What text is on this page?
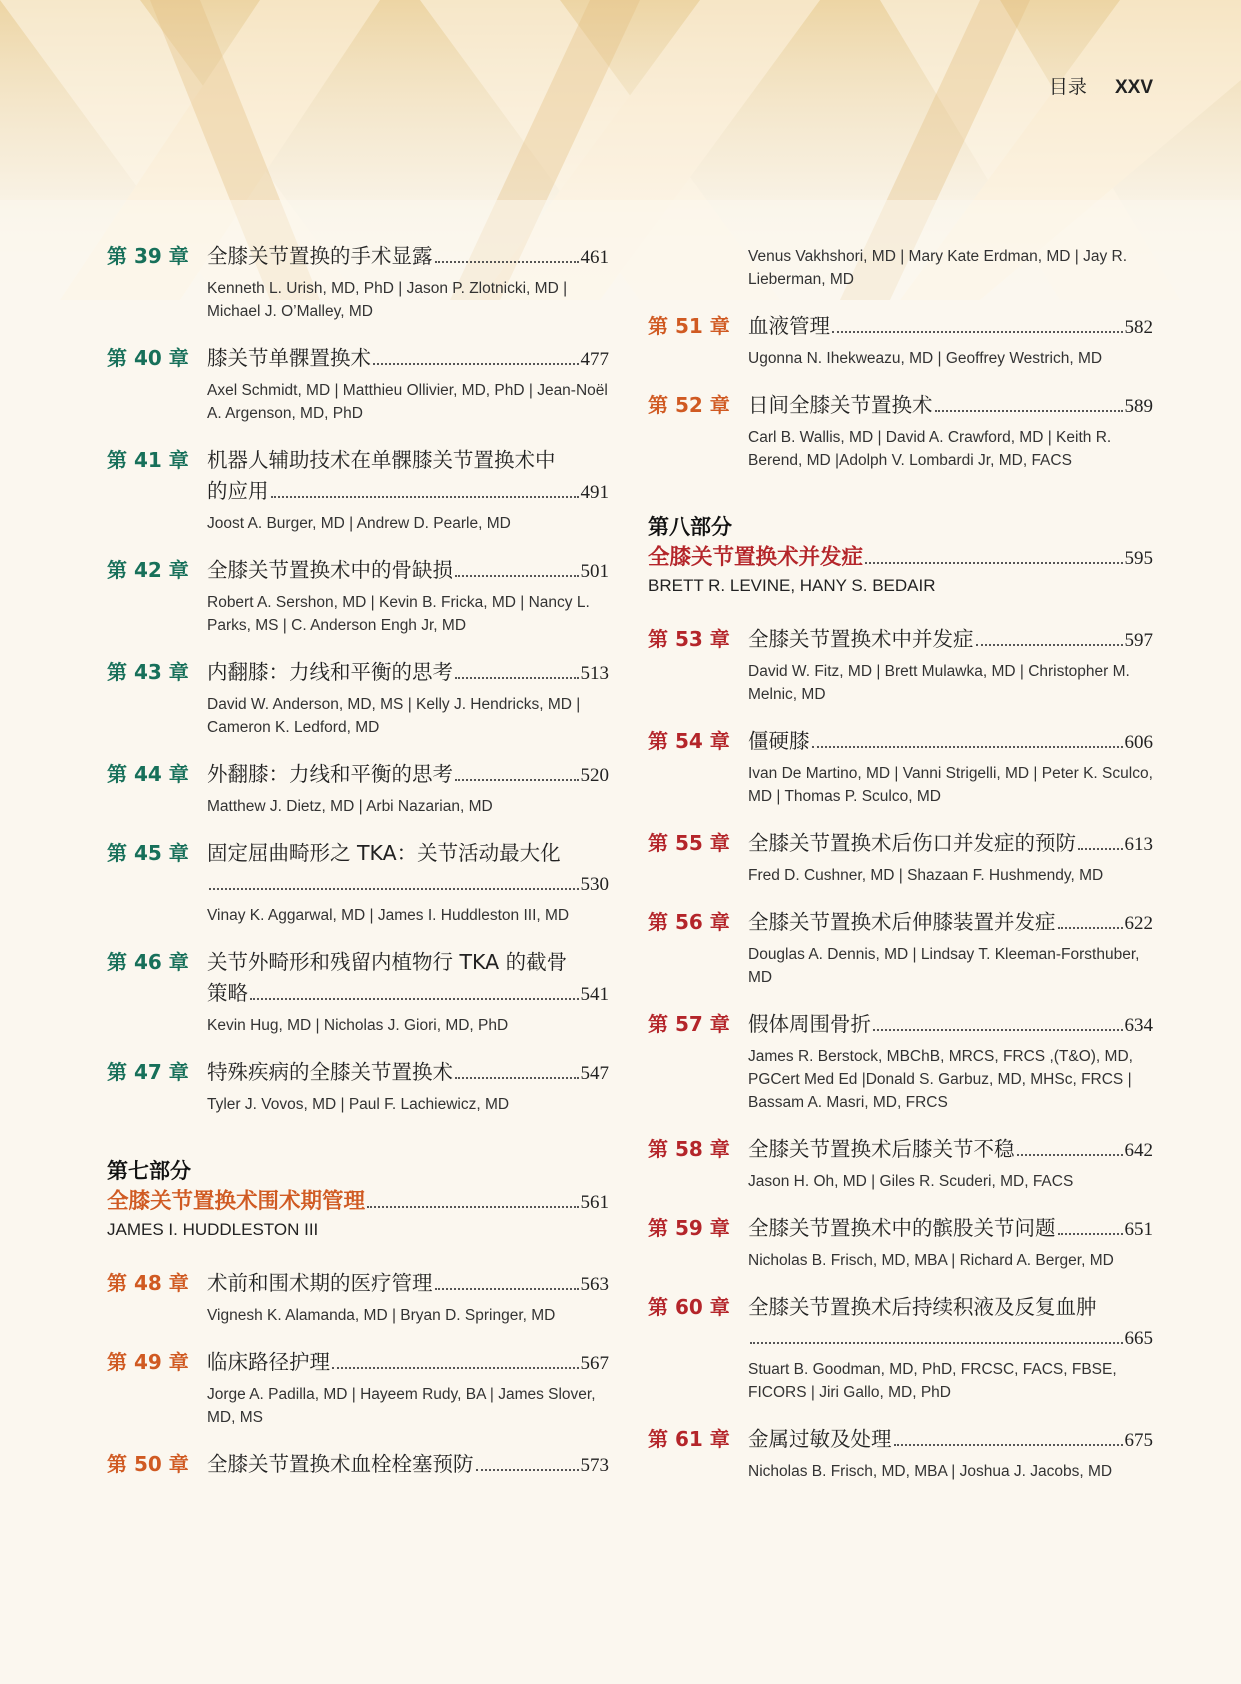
目录 XXV
第 39 章 全膝关节置换的手术显露	461
Kenneth L. Urish, MD, PhD | Jason P. Zlotnicki, MD | Michael J. O’Malley, MD
第 40 章 膝关节单髁置换术	477
Axel Schmidt, MD | Matthieu Ollivier, MD, PhD | Jean-Noël A. Argenson, MD, PhD
第 41 章 机器人辅助技术在单髁膝关节置换术中
的应用	491
Joost A. Burger, MD | Andrew D. Pearle, MD
第 42 章 全膝关节置换术中的骨缺损	501
Robert A. Sershon, MD | Kevin B. Fricka, MD | Nancy L. Parks, MS | C. Anderson Engh Jr, MD
第 43 章 内翻膝：力线和平衡的思考	513
David W. Anderson, MD, MS | Kelly J. Hendricks, MD | Cameron K. Ledford, MD
第 44 章 外翻膝：力线和平衡的思考	520
Matthew J. Dietz, MD | Arbi Nazarian, MD
第 45 章 固定屈曲畸形之 TKA：关节活动最大化
530
Vinay K. Aggarwal, MD | James I. Huddleston III, MD
第 46 章 关节外畸形和残留内植物行 TKA 的截骨
策略	541
Kevin Hug, MD | Nicholas J. Giori, MD, PhD
第 47 章 特殊疾病的全膝关节置换术	547
Tyler J. Vovos, MD | Paul F. Lachiewicz, MD
第七部分
全膝关节置换术围术期管理	561
JAMES I. HUDDLESTON III
第 48 章 术前和围术期的医疗管理	563
Vignesh K. Alamanda, MD | Bryan D. Springer, MD
第 49 章 临床路径护理	567
Jorge A. Padilla, MD | Hayeem Rudy, BA | James Slover, MD, MS
第 50 章 全膝关节置换术血栓栓塞预防	573
Venus Vakhshori, MD | Mary Kate Erdman, MD | Jay R. Lieberman, MD
第 51 章 血液管理	582
Ugonna N. Ihekweazu, MD | Geoffrey Westrich, MD
第 52 章 日间全膝关节置换术	589
Carl B. Wallis, MD | David A. Crawford, MD | Keith R. Berend, MD |Adolph V. Lombardi Jr, MD, FACS
第八部分
全膝关节置换术并发症	595
BRETT R. LEVINE, HANY S. BEDAIR
第 53 章 全膝关节置换术中并发症	597
David W. Fitz, MD | Brett Mulawka, MD | Christopher M. Melnic, MD
第 54 章 僵硬膝	606
Ivan De Martino, MD | Vanni Strigelli, MD | Peter K. Sculco, MD | Thomas P. Sculco, MD
第 55 章 全膝关节置换术后伤口并发症的预防	613
Fred D. Cushner, MD | Shazaan F. Hushmendy, MD
第 56 章 全膝关节置换术后伸膝装置并发症	622
Douglas A. Dennis, MD | Lindsay T. Kleeman-Forsthuber, MD
第 57 章 假体周围骨折	634
James R. Berstock, MBChB, MRCS, FRCS ,(T&O), MD, PGCert Med Ed |Donald S. Garbuz, MD, MHSc, FRCS | Bassam A. Masri, MD, FRCS
第 58 章 全膝关节置换术后膝关节不稳	642
Jason H. Oh, MD | Giles R. Scuderi, MD, FACS
第 59 章 全膝关节置换术中的髌股关节问题	651
Nicholas B. Frisch, MD, MBA | Richard A. Berger, MD
第 60 章 全膝关节置换术后持续积液及反复血肿
665
Stuart B. Goodman, MD, PhD, FRCSC, FACS, FBSE, FICORS | Jiri Gallo, MD, PhD
第 61 章 金属过敏及处理	675
Nicholas B. Frisch, MD, MBA | Joshua J. Jacobs, MD
